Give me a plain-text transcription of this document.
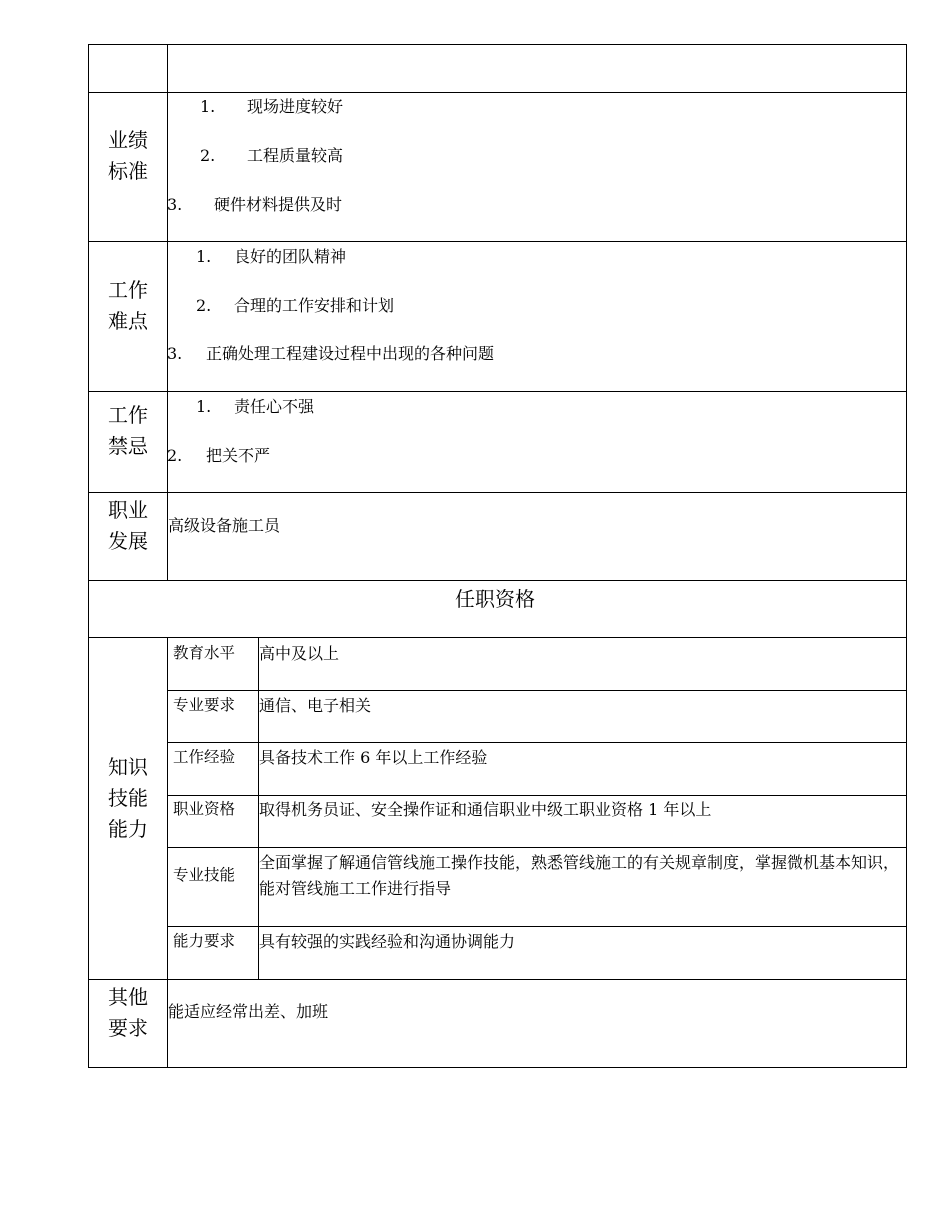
业绩
标准
1. 现场进度较好
2. 工程质量较高
3. 硬件材料提供及时
工作
难点
1. 良好的团队精神
2. 合理的工作安排和计划
3. 正确处理工程建设过程中出现的各种问题
工作
禁忌
1. 责任心不强
2. 把关不严
职业
发展
高级设备施工员
任职资格
知识
技能
能力
教育水平 高中及以上
专业要求 通信、电子相关
工作经验 具备技术工作 6 年以上工作经验
职业资格 取得机务员证、安全操作证和通信职业中级工职业资格 1 年以上
专业技能
全面掌握了解通信管线施工操作技能，熟悉管线施工的有关规章制度，掌握微机基本知识，能对管线施工工作进行指导
能力要求 具有较强的实践经验和沟通协调能力
其他
要求
能适应经常出差、加班
